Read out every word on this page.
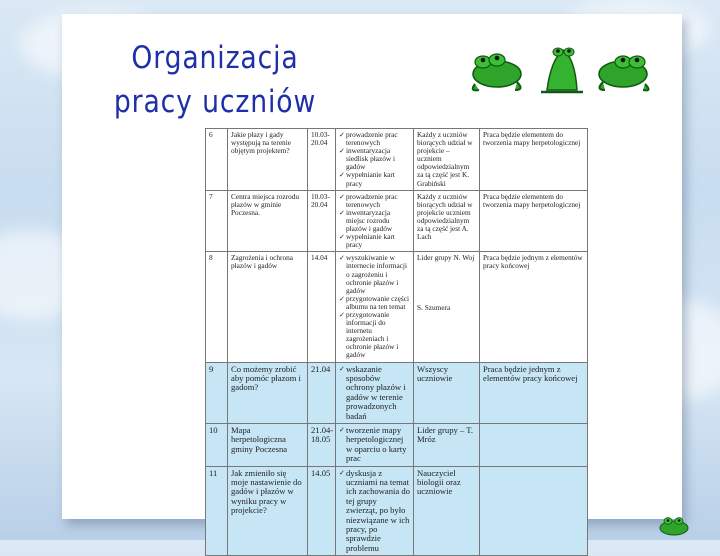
Organizacja
pracy uczniów
6	Jakie płazy i gady występują na terenie objętym projektem?	10.03-20.04	✓ prowadzenie prac terenowych
✓ inwentaryzacja siedlisk płazów i gadów
✓ wypełnianie kart pracy	Każdy z uczniów biorących udział w projekcie – uczniem odpowiedzialnym za tą część jest K. Grabiński	Praca będzie elementem do tworzenia mapy herpetologicznej
7	Centra miejsca rozrodu płazów w gminie Poczesna.	10.03-20.04	✓ prowadzenie prac terenowych
✓ inwentaryzacja miejsc rozrodu płazów i gadów
✓ wypełnianie kart pracy	Każdy z uczniów biorących udział w projekcie uczniem odpowiedzialnym za tą część jest A. Lach	Praca będzie elementem do tworzenia mapy herpetologicznej
8	Zagrożenia i ochrona płazów i gadów	14.04	✓ wyszukiwanie w internecie informacji o zagrożeniu i ochronie płazów i gadów
✓ przygotowanie części albumu na ten temat
✓ przygotowanie informacji do internetu zagrożeniach i ochronie płazów i gadów	Lider grupy N. Woj
S. Szumera	Praca będzie jednym z elementów pracy końcowej
9	Co możemy zrobić aby pomóc płazom i gadom?	21.04	✓ wskazanie sposobów ochrony płazów i gadów w terenie prowadzonych badań	Wszyscy uczniowie	Praca będzie jednym z elementów pracy końcowej
10	Mapa herpetologiczna gminy Poczesna	21.04-18.05	✓ tworzenie mapy herpetologicznej w oparciu o karty prac	Lider grupy – T. Mróz	
11	Jak zmieniło się moje nastawienie do gadów i płazów w wyniku pracy w projekcie?	14.05	✓ dyskusja z uczniami na temat ich zachowania do tej grupy zwierząt, po było niezwiązane w ich pracy, po sprawdzie problemu	Nauczyciel biologii oraz uczniowie	
